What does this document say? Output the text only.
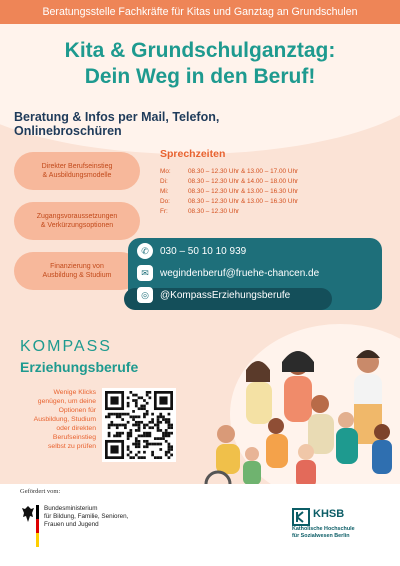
Beratungsstelle Fachkräfte für Kitas und Ganztag an Grundschulen
Kita & Grundschulganztag:
Dein Weg in den Beruf!
Beratung & Infos per Mail, Telefon,
Onlinebroschüren
Direkter Berufseinstieg
& Ausbildungsmodelle
Zugangsvoraussetzungen
& Verkürzungsoptionen
Finanzierung von
Ausbildung & Studium
Sprechzeiten
Mo:	08.30 – 12.30 Uhr & 13.00 – 17.00 Uhr
Di:	08.30 – 12.30 Uhr & 14.00 – 18.00 Uhr
Mi:	08.30 – 12.30 Uhr & 13.00 – 16.30 Uhr
Do:	08.30 – 12.30 Uhr & 13.00 – 16.30 Uhr
Fr:	08.30 – 12.30 Uhr
✆	030 – 50 10 10 939
✉	wegindenberuf@fruehe-chancen.de
◎	@KompassErziehungsberufe
KOMPASS
Erziehungsberufe
Wenige Klicks
genügen, um deine
Optionen für
Ausbildung, Studium
oder direkten
Berufseinstieg
selbst zu prüfen
Gefördert vom:
Bundesministerium
für Bildung, Familie, Senioren,
Frauen und Jugend
KHSB
Katholische Hochschule
für Sozialwesen Berlin
